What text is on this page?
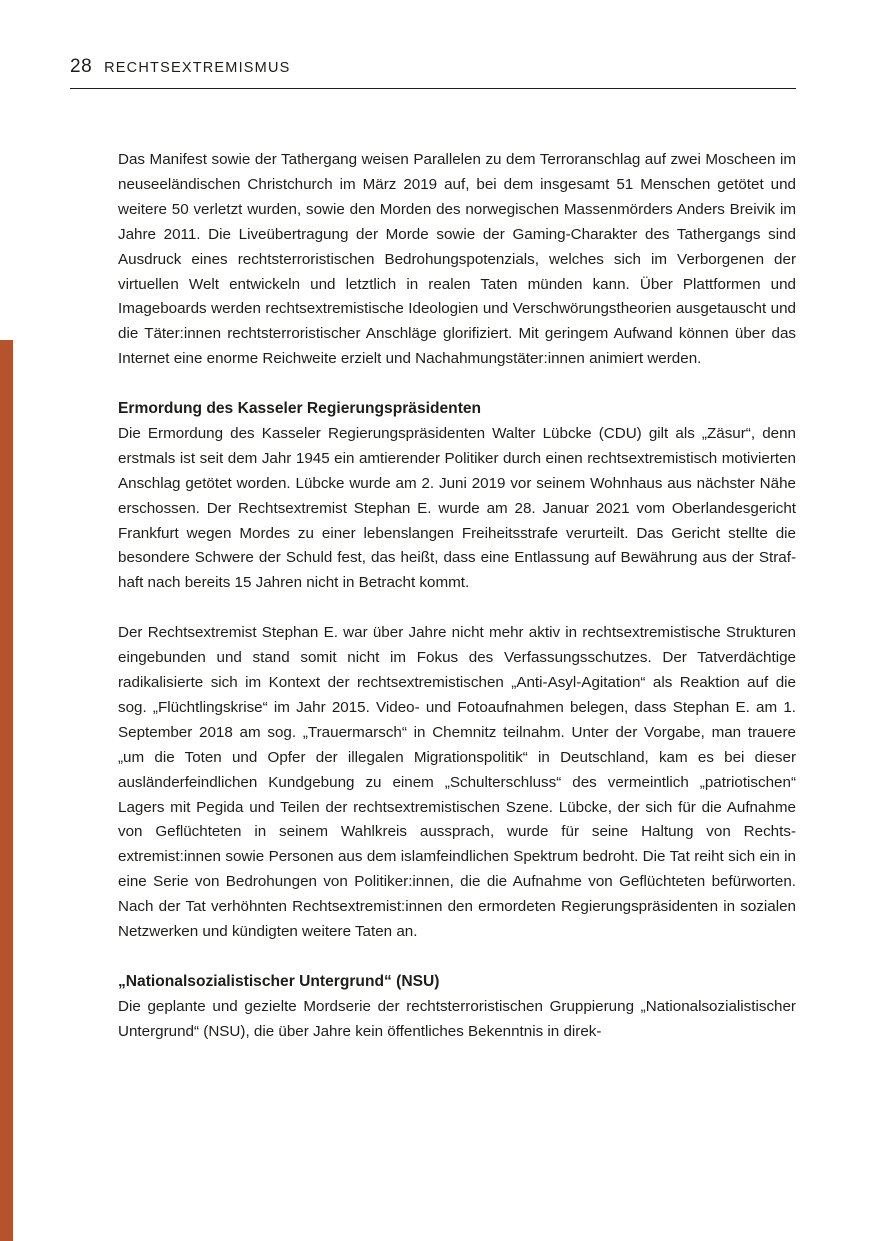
28 RECHTSEXTREMISMUS

Das Manifest sowie der Tathergang weisen Parallelen zu dem Terroranschlag auf zwei Moscheen im neuseeländischen Christchurch im März 2019 auf, bei dem insgesamt 51 Menschen getötet und weitere 50 verletzt wurden, sowie den Morden des norwegischen Massenmörders Anders Breivik im Jahre 2011. Die Liveübertragung der Morde sowie der Gaming-Charakter des Tathergangs sind Ausdruck eines rechtsterroristischen Bedrohungspotenzials, welches sich im Verborgenen der virtuellen Welt entwickeln und letztlich in realen Taten münden kann. Über Plattformen und Imageboards werden rechtsextremistische Ideologien und Verschwörungstheorien ausgetauscht und die Täter:innen rechtsterroristischer Anschläge glorifiziert. Mit geringem Aufwand können über das Internet eine enorme Reichweite erzielt und Nachahmungstäter:innen animiert werden.

Ermordung des Kasseler Regierungspräsidenten

Die Ermordung des Kasseler Regierungspräsidenten Walter Lübcke (CDU) gilt als „Zäsur“, denn erstmals ist seit dem Jahr 1945 ein amtierender Politiker durch einen rechtsextremistisch motivierten Anschlag getötet worden. Lübcke wurde am 2. Juni 2019 vor seinem Wohnhaus aus nächster Nähe erschossen. Der Rechtsextremist Stephan E. wurde am 28. Januar 2021 vom Oberlandesgericht Frankfurt wegen Mordes zu einer lebenslangen Freiheitsstrafe verurteilt. Das Gericht stellte die besondere Schwere der Schuld fest, das heißt, dass eine Entlassung auf Bewährung aus der Strafhaft nach bereits 15 Jahren nicht in Betracht kommt.

Der Rechtsextremist Stephan E. war über Jahre nicht mehr aktiv in rechtsextremistische Strukturen eingebunden und stand somit nicht im Fokus des Verfassungsschutzes. Der Tatverdächtige radikalisierte sich im Kontext der rechtsextremistischen „Anti-Asyl-Agitation“ als Reaktion auf die sog. „Flüchtlingskrise“ im Jahr 2015. Video- und Fotoaufnahmen belegen, dass Stephan E. am 1. September 2018 am sog. „Trauermarsch“ in Chemnitz teilnahm. Unter der Vorgabe, man trauere „um die Toten und Opfer der illegalen Migrationspolitik“ in Deutschland, kam es bei dieser ausländerfeindlichen Kundgebung zu einem „Schulterschluss“ des vermeintlich „patriotischen“ Lagers mit Pegida und Teilen der rechtsextremistischen Szene. Lübcke, der sich für die Aufnahme von Geflüchteten in seinem Wahlkreis aussprach, wurde für seine Haltung von Rechtsextremist:innen sowie Personen aus dem islamfeindlichen Spektrum bedroht. Die Tat reiht sich ein in eine Serie von Bedrohungen von Politiker:innen, die die Aufnahme von Geflüchteten befürworten. Nach der Tat verhöhnten Rechtsextremist:innen den ermordeten Regierungspräsidenten in sozialen Netzwerken und kündigten weitere Taten an.

„Nationalsozialistischer Untergrund“ (NSU)

Die geplante und gezielte Mordserie der rechtsterroristischen Gruppierung „Nationalsozialistischer Untergrund“ (NSU), die über Jahre kein öffentliches Bekenntnis in direk-
